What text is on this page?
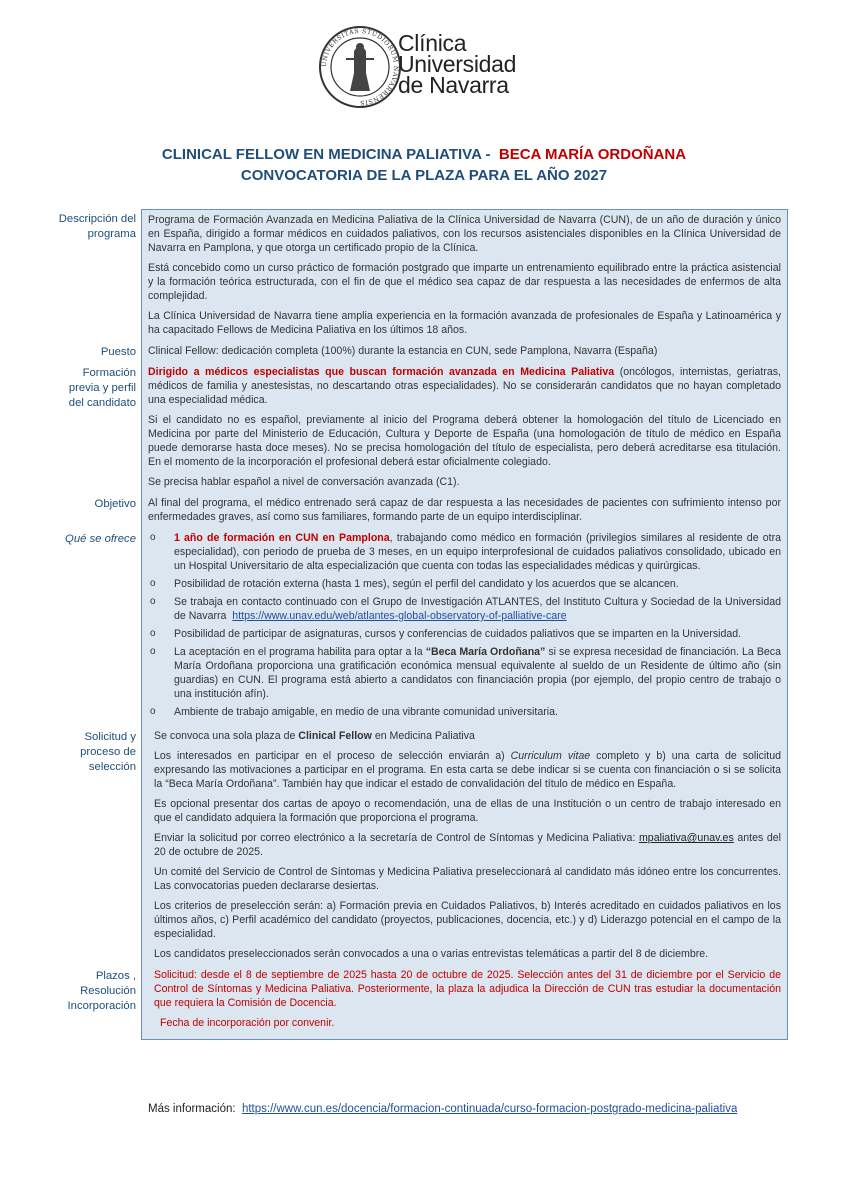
UNIVERSITAS STUDIORUM NAVARRENSIS
Clínica
Universidad
de Navarra
CLINICAL FELLOW EN MEDICINA PALIATIVA - BECA MARÍA ORDOÑANA
CONVOCATORIA DE LA PLAZA PARA EL AÑO 2027
Descripción del programa

Programa de Formación Avanzada en Medicina Paliativa de la Clínica Universidad de Navarra (CUN), de un año de duración y único en España, dirigido a formar médicos en cuidados paliativos, con los recursos asistenciales disponibles en la Clínica Universidad de Navarra en Pamplona, y que otorga un certificado propio de la Clínica.

Está concebido como un curso práctico de formación postgrado que imparte un entrenamiento equilibrado entre la práctica asistencial y la formación teórica estructurada, con el fin de que el médico sea capaz de dar respuesta a las necesidades de enfermos de alta complejidad.

La Clínica Universidad de Navarra tiene amplia experiencia en la formación avanzada de profesionales de España y Latinoamérica y ha capacitado Fellows de Medicina Paliativa en los últimos 18 años.

Puesto	Clinical Fellow: dedicación completa (100%) durante la estancia en CUN, sede Pamplona, Navarra (España)

Formación previa y perfil del candidato

Dirigido a médicos especialistas que buscan formación avanzada en Medicina Paliativa (oncólogos, internistas, geriatras, médicos de familia y anestesistas, no descartando otras especialidades). No se considerarán candidatos que no hayan completado una especialidad médica.

Si el candidato no es español, previamente al inicio del Programa deberá obtener la homologación del título de Licenciado en Medicina por parte del Ministerio de Educación, Cultura y Deporte de España (una homologación de título de médico en España puede demorarse hasta doce meses). No se precisa homologación del título de especialista, pero deberá acreditarse esa titulación. En el momento de la incorporación el profesional deberá estar oficialmente colegiado.

Se precisa hablar español a nivel de conversación avanzada (C1).

Objetivo	Al final del programa, el médico entrenado será capaz de dar respuesta a las necesidades de pacientes con sufrimiento intenso por enfermedades graves, así como sus familiares, formando parte de un equipo interdisciplinar.

Qué se ofrece
o	1 año de formación en CUN en Pamplona, trabajando como médico en formación (privilegios similares al residente de otra especialidad), con periodo de prueba de 3 meses, en un equipo interprofesional de cuidados paliativos consolidado, ubicado en un Hospital Universitario de alta especialización que cuenta con todas las especialidades médicas y quirúrgicas.
o Posibilidad de rotación externa (hasta 1 mes), según el perfil del candidato y los acuerdos que se alcancen.
o Se trabaja en contacto continuado con el Grupo de Investigación ATLANTES, del Instituto Cultura y Sociedad de la Universidad de Navarra https://www.unav.edu/web/atlantes-global-observatory-of-palliative-care
o Posibilidad de participar de asignaturas, cursos y conferencias de cuidados paliativos que se imparten en la Universidad.
o La aceptación en el programa habilita para optar a la “Beca María Ordoñana” si se expresa necesidad de financiación. La Beca María Ordoñana proporciona una gratificación económica mensual equivalente al sueldo de un Residente de último año (sin guardias) en CUN. El programa está abierto a candidatos con financiación propia (por ejemplo, del propio centro de trabajo o una institución afín).
o Ambiente de trabajo amigable, en medio de una vibrante comunidad universitaria.
Solicitud y proceso de selección

Se convoca una sola plaza de Clinical Fellow en Medicina Paliativa

Los interesados en participar en el proceso de selección enviarán a) Curriculum vitae completo y b) una carta de solicitud expresando las motivaciones a participar en el programa. En esta carta se debe indicar si se cuenta con financiación o si se solicita la “Beca María Ordoñana”. También hay que indicar el estado de convalidación del título de médico en España.

Es opcional presentar dos cartas de apoyo o recomendación, una de ellas de una Institución o un centro de trabajo interesado en que el candidato adquiera la formación que proporciona el programa.

Enviar la solicitud por correo electrónico a la secretaría de Control de Síntomas y Medicina Paliativa: mpaliativa@unav.es antes del 20 de octubre de 2025.

Un comité del Servicio de Control de Síntomas y Medicina Paliativa preseleccionará al candidato más idóneo entre los concurrentes. Las convocatorias pueden declararse desiertas.

Los criterios de preselección serán: a) Formación previa en Cuidados Paliativos, b) Interés acreditado en cuidados paliativos en los últimos años, c) Perfil académico del candidato (proyectos, publicaciones, docencia, etc.) y d) Liderazgo potencial en el campo de la especialidad.

Los candidatos preseleccionados serán convocados a una o varias entrevistas telemáticas a partir del 8 de diciembre.

Plazos , Resolución Incorporación

Solicitud: desde el 8 de septiembre de 2025 hasta 20 de octubre de 2025. Selección antes del 31 de diciembre por el Servicio de Control de Síntomas y Medicina Paliativa. Posteriormente, la plaza la adjudica la Dirección de CUN tras estudiar la documentación que requiera la Comisión de Docencia.

Fecha de incorporación por convenir.

Más información: https://www.cun.es/docencia/formacion-continuada/curso-formacion-postgrado-medicina-paliativa
